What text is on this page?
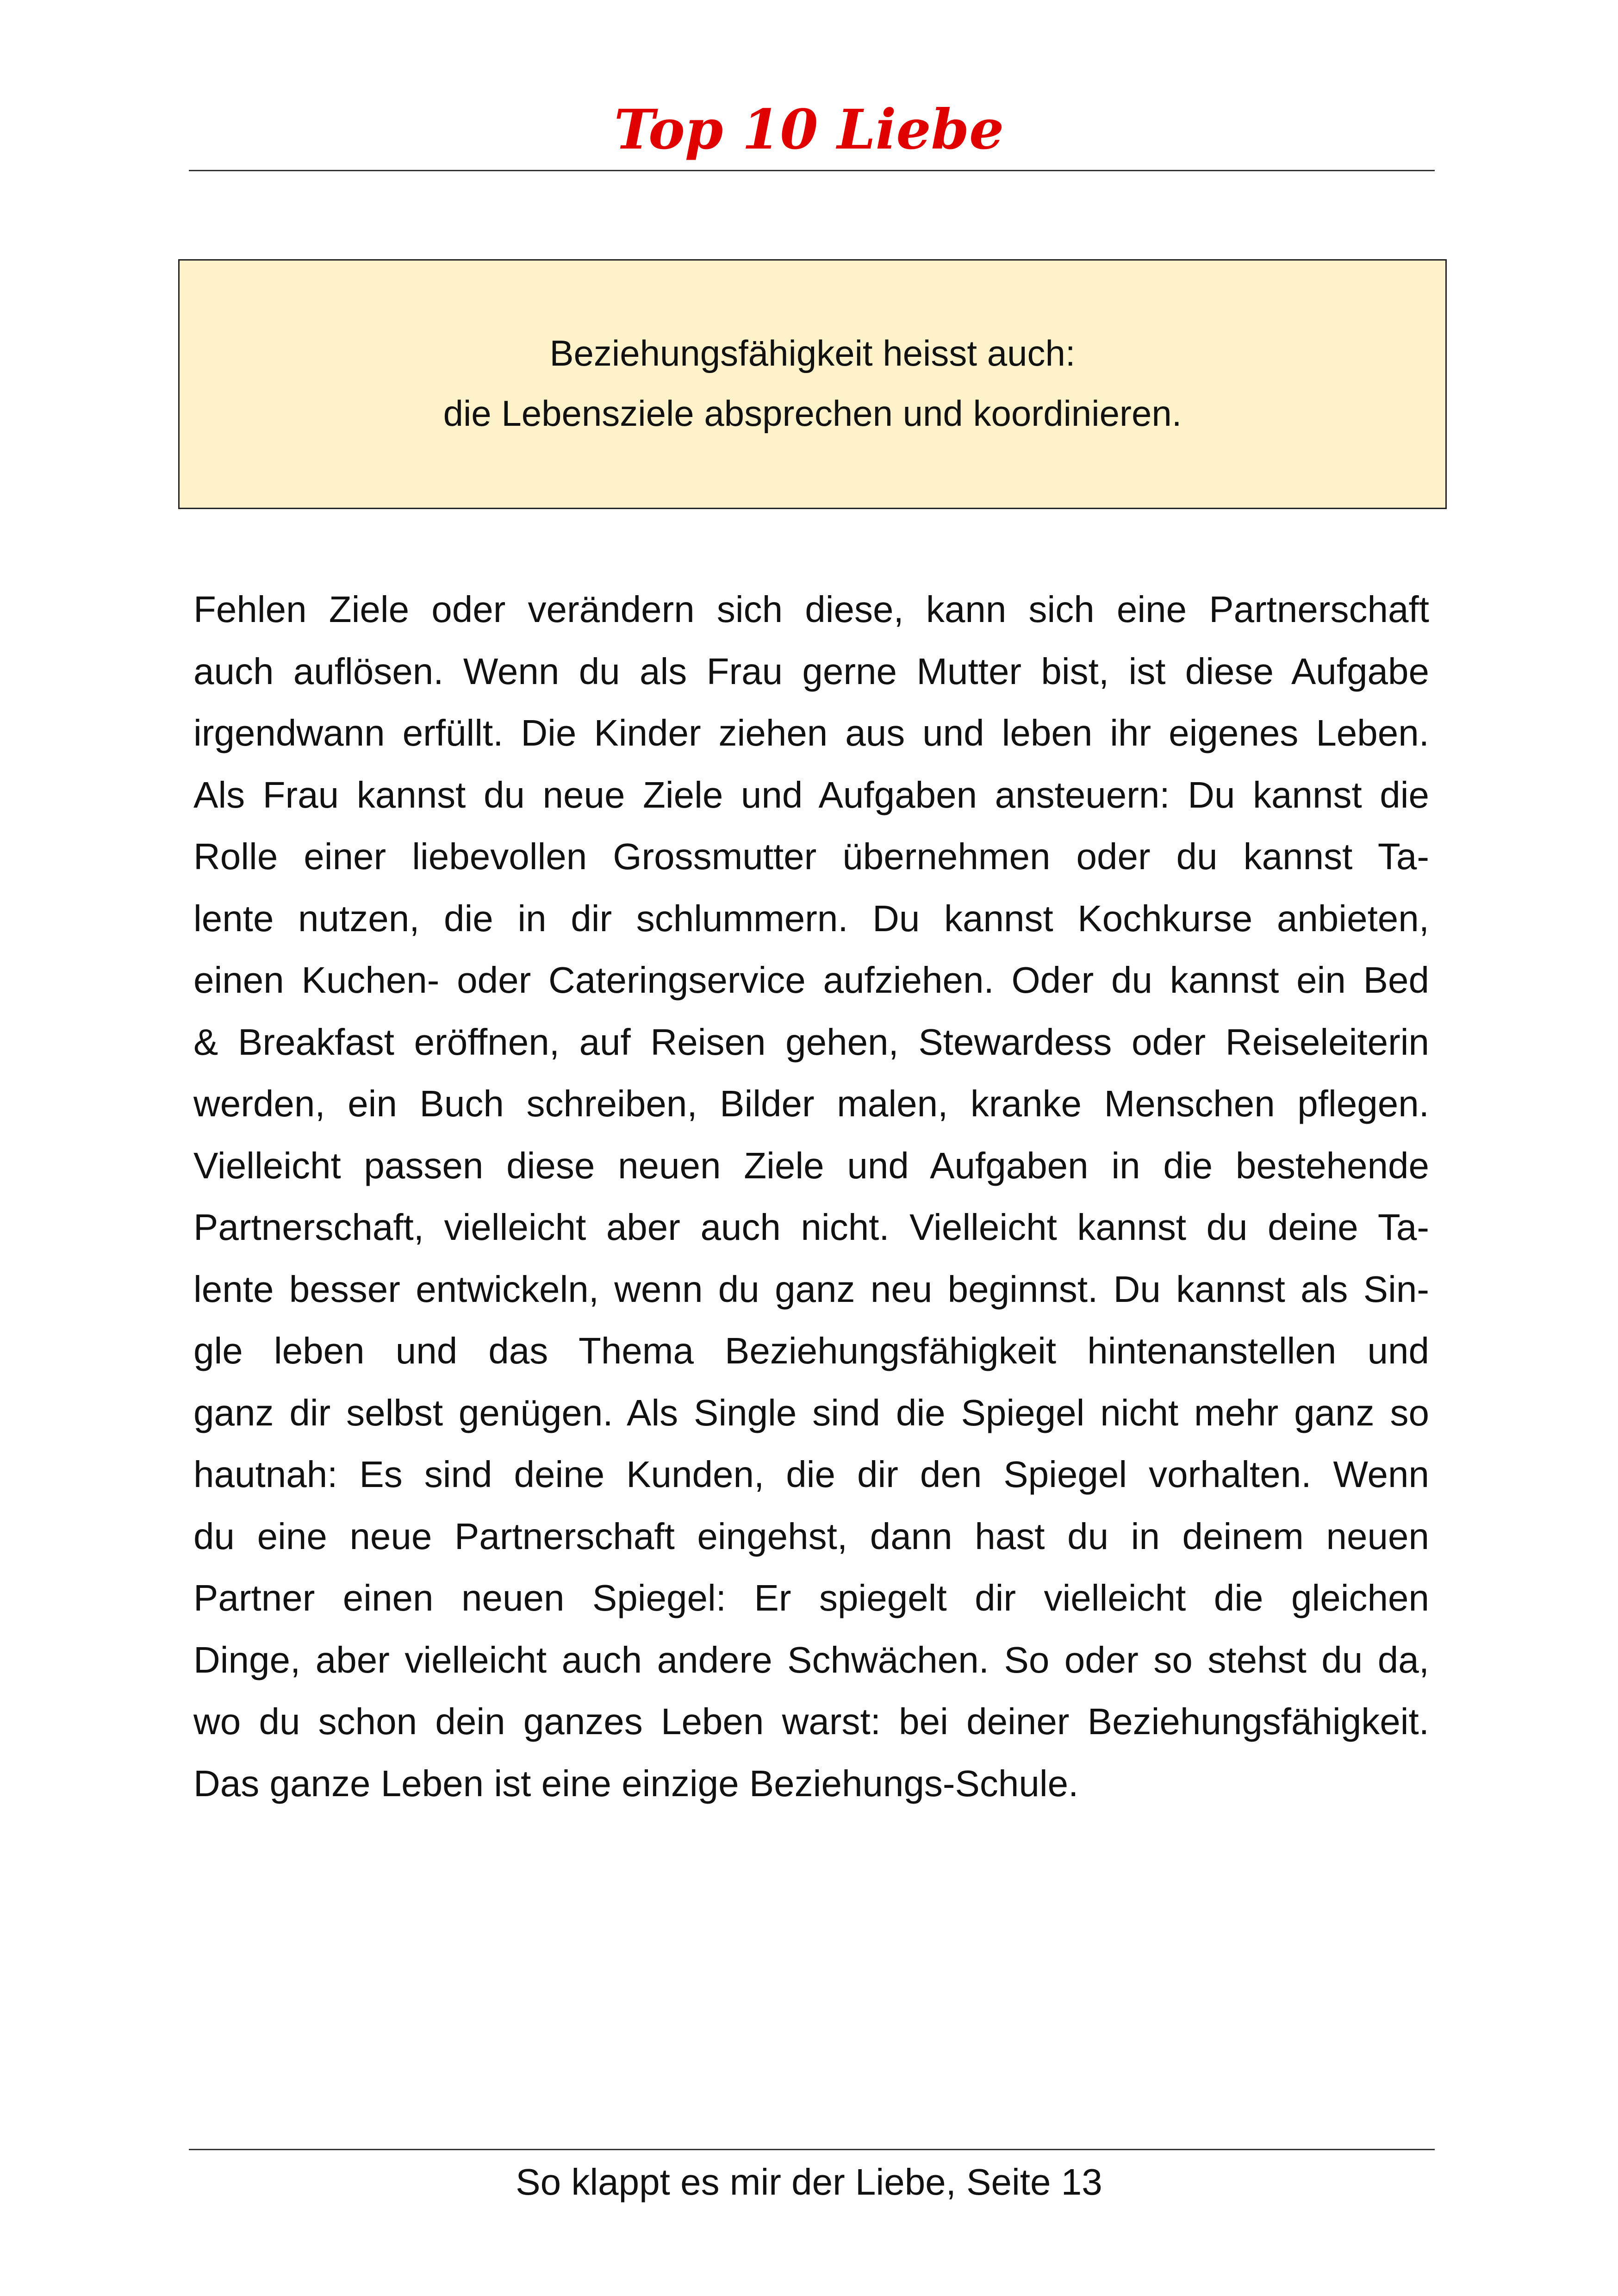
Top 10 Liebe
Beziehungsfähigkeit heisst auch:
die Lebensziele absprechen und koordinieren.
Fehlen Ziele oder verändern sich diese, kann sich eine Partnerschaft
auch auflösen. Wenn du als Frau gerne Mutter bist, ist diese Aufgabe
irgendwann erfüllt. Die Kinder ziehen aus und leben ihr eigenes Leben.
Als Frau kannst du neue Ziele und Aufgaben ansteuern: Du kannst die
Rolle einer liebevollen Grossmutter übernehmen oder du kannst Ta-
lente nutzen, die in dir schlummern. Du kannst Kochkurse anbieten,
einen Kuchen- oder Cateringservice aufziehen. Oder du kannst ein Bed
& Breakfast eröffnen, auf Reisen gehen, Stewardess oder Reiseleiterin
werden, ein Buch schreiben, Bilder malen, kranke Menschen pflegen.
Vielleicht passen diese neuen Ziele und Aufgaben in die bestehende
Partnerschaft, vielleicht aber auch nicht. Vielleicht kannst du deine Ta-
lente besser entwickeln, wenn du ganz neu beginnst. Du kannst als Sin-
gle leben und das Thema Beziehungsfähigkeit hintenanstellen und
ganz dir selbst genügen. Als Single sind die Spiegel nicht mehr ganz so
hautnah: Es sind deine Kunden, die dir den Spiegel vorhalten. Wenn
du eine neue Partnerschaft eingehst, dann hast du in deinem neuen
Partner einen neuen Spiegel: Er spiegelt dir vielleicht die gleichen
Dinge, aber vielleicht auch andere Schwächen. So oder so stehst du da,
wo du schon dein ganzes Leben warst: bei deiner Beziehungsfähigkeit.
Das ganze Leben ist eine einzige Beziehungs-Schule.
So klappt es mir der Liebe, Seite 13
